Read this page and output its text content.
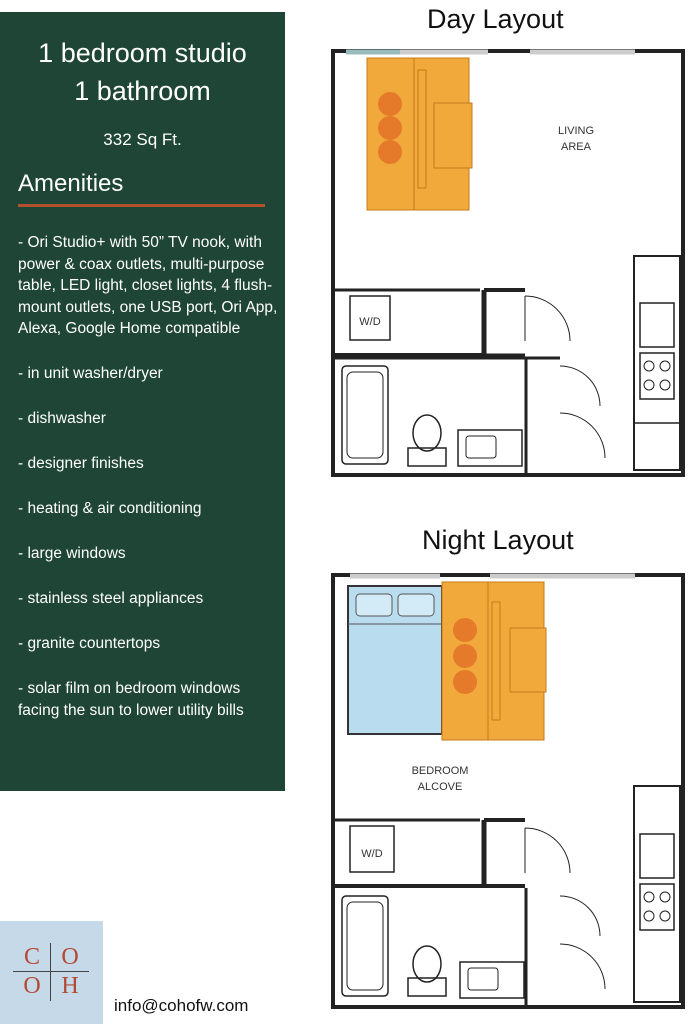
1 bedroom studio
1 bathroom
332 Sq Ft.
Amenities
- Ori Studio+ with 50” TV nook, with power & coax outlets, multi-purpose table, LED light, closet lights, 4 flush-mount outlets, one USB port, Ori App, Alexa, Google Home compatible
- in unit washer/dryer
- dishwasher
- designer finishes
- heating & air conditioning
- large windows
- stainless steel appliances
- granite countertops
- solar film on bedroom windows facing the sun to lower utility bills
Day Layout
Night Layout
LIVING
AREA
W/D
BEDROOM
ALCOVE
W/D
C O
O H
info@cohofw.com
